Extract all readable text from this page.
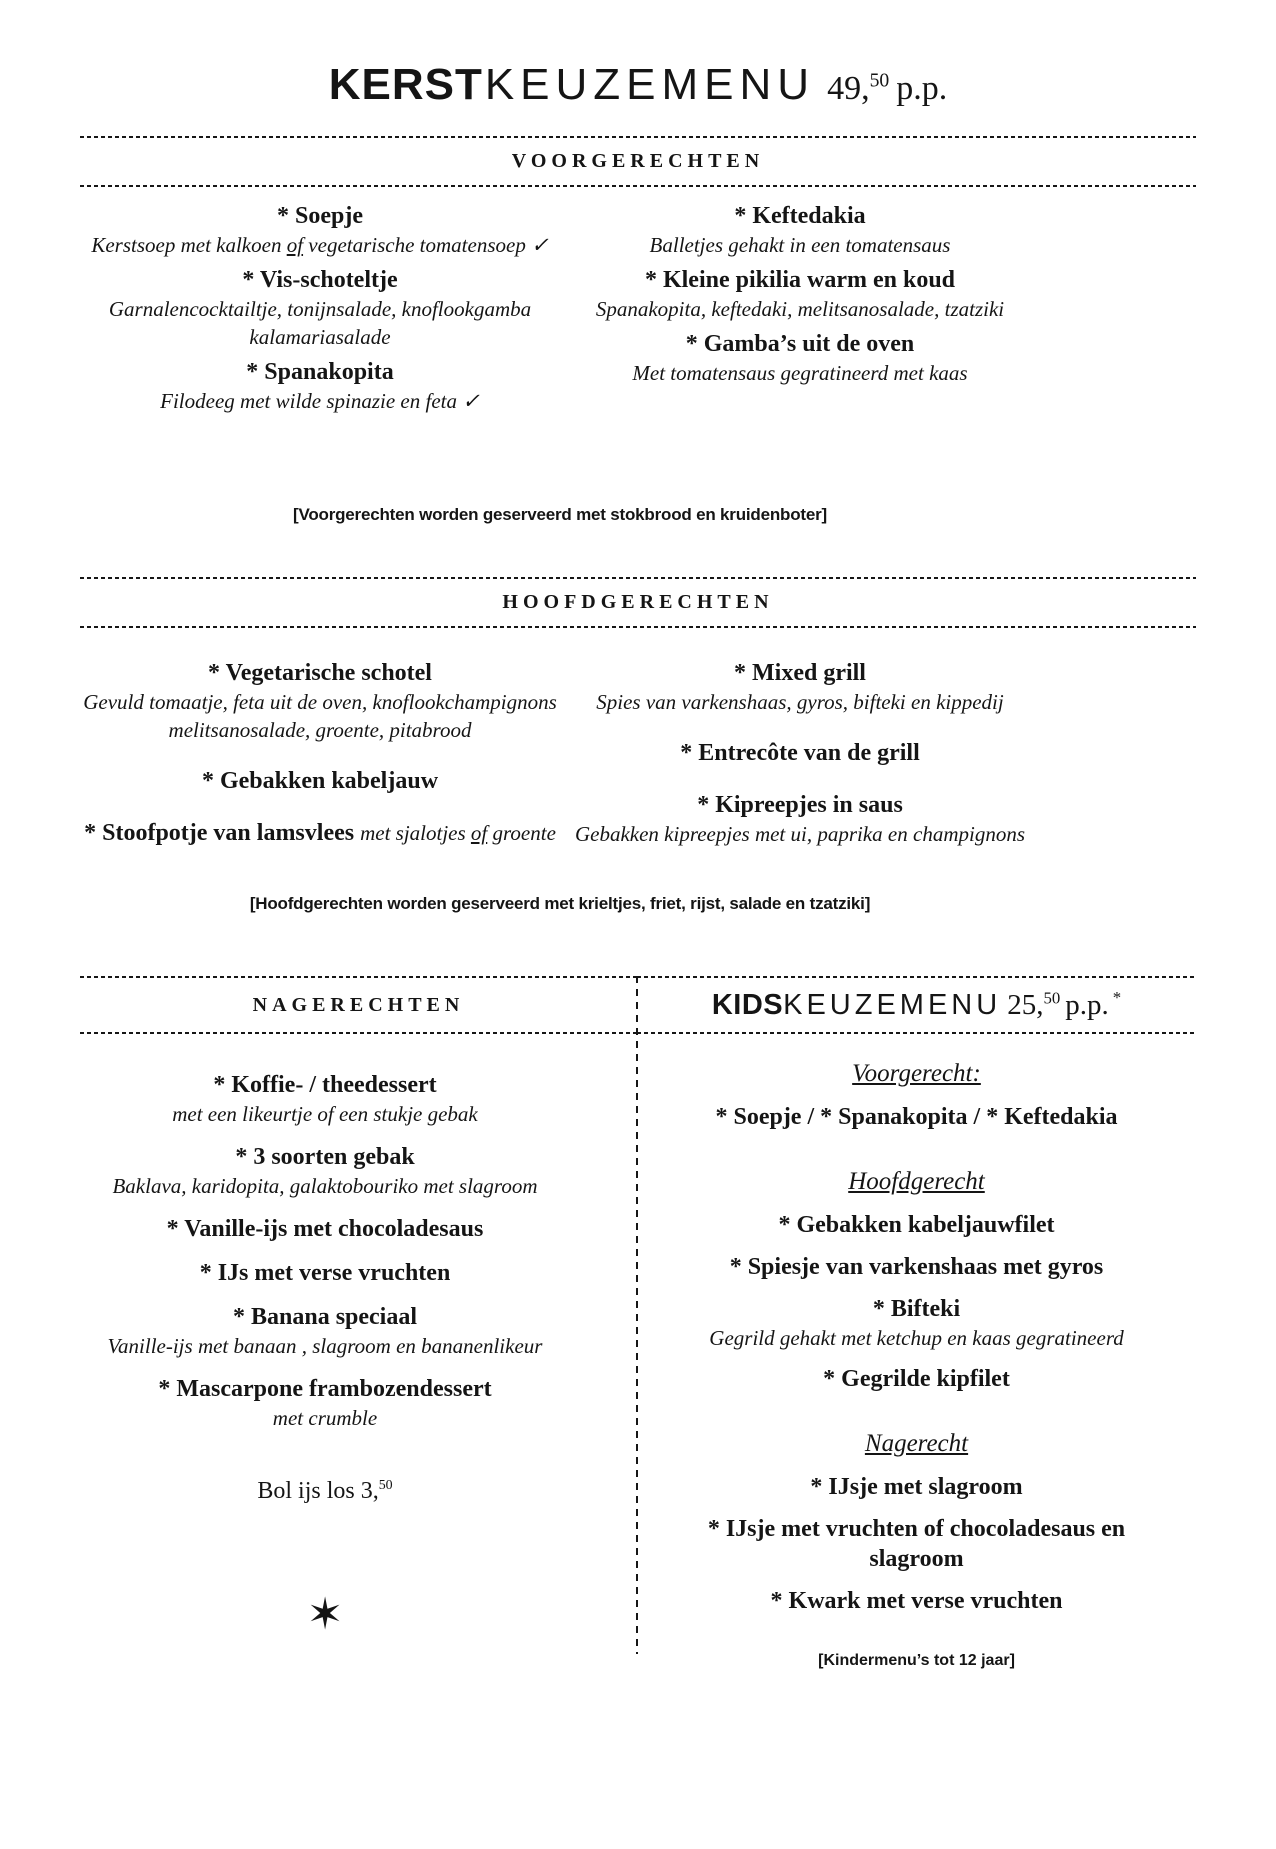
KERSTKEUZEMENU 49,50 p.p.
VOORGERECHTEN
* Soepje
Kerstsoep met kalkoen of vegetarische tomatensoep ✓
* Vis-schoteltje
Garnalencocktailtje, tonijnsalade, knoflookgamba kalamariasalade
* Spanakopita
Filodeeg met wilde spinazie en feta ✓
* Keftedakia
Balletjes gehakt in een tomatensaus
* Kleine pikilia warm en koud
Spanakopita, keftedaki, melitsanosalade, tzatziki
* Gamba’s uit de oven
Met tomatensaus gegratineerd met kaas
[Voorgerechten worden geserveerd met stokbrood en kruidenboter]
HOOFDGERECHTEN
* Vegetarische schotel
Gevuld tomaatje, feta uit de oven, knoflookchampignons melitsanosalade, groente, pitabrood
* Gebakken kabeljauw
* Stoofpotje van lamsvlees met sjalotjes of groente
* Mixed grill
Spies van varkenshaas, gyros, bifteki en kippedij
* Entrecôte van de grill
* Kipreepjes in saus
Gebakken kipreepjes met ui, paprika en champignons
[Hoofdgerechten worden geserveerd met krieltjes, friet, rijst, salade en tzatziki]
NAGERECHTEN
* Koffie- / theedessert
met een likeurtje of een stukje gebak
* 3 soorten gebak
Baklava, karidopita, galaktobouriko met slagroom
* Vanille-ijs met chocoladesaus
* IJs met verse vruchten
* Banana speciaal
Vanille-ijs met banaan , slagroom en bananenlikeur
* Mascarpone frambozendessert
met crumble
Bol ijs los 3,50
✶
KIDS KEUZEMENU 25,50 p.p. *
Voorgerecht:
* Soepje / * Spanakopita / * Keftedakia
Hoofdgerecht
* Gebakken kabeljauwfilet
* Spiesje van varkenshaas met gyros
* Bifteki
Gegrild gehakt met ketchup en kaas gegratineerd
* Gegrilde kipfilet
Nagerecht
* IJsje met slagroom
* IJsje met vruchten of chocoladesaus en slagroom
* Kwark met verse vruchten
[Kindermenu’s tot 12 jaar]
